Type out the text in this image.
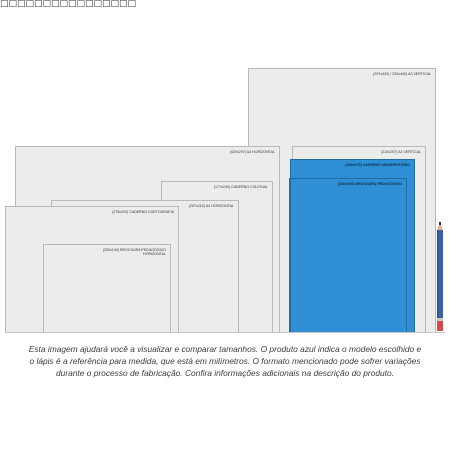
□□□□□□□□□□□□□□□□
(297x420) / 320x440) A3 VERTICAL
(420x297) A3 HORIZONTAL	(210x297) A4 VERTICAL
(200x275) CADERNO UNIVERSITÁRIO
(140x200) BROCHURA PEDAGÓGICO
(177x240) CADERNO COLEGIAL
(297x210) A4 HORIZONTAL
(275x200) CADERNO CARTOGRAFIA
(200x140) BROCHURA PEDAGÓGICO HORIZONTAL
Esta imagem ajudará você a visualizar e comparar tamanhos. O produto azul indica o modelo escolhido e
o lápis é a referência para medida, que está em milímetros. O formato mencionado pode sofrer variações
durante o processo de fabricação. Confira informações adicionais na descrição do produto.
